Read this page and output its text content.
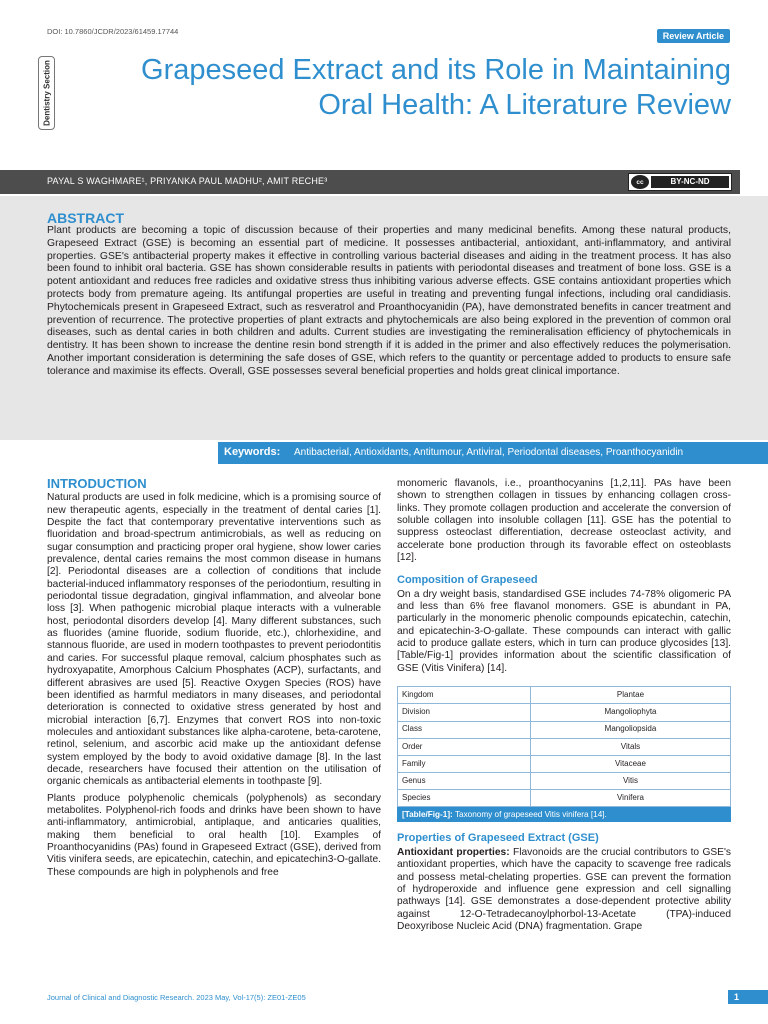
DOI: 10.7860/JCDR/2023/61459.17744	Review Article
Dentistry Section	Grapeseed Extract and its Role in Maintaining
Oral Health: A Literature Review
PAYAL S WAGHMARE¹, PRIYANKA PAUL MADHU², AMIT RECHE³	cc	BY-NC-ND
ABSTRACT
Plant products are becoming a topic of discussion because of their properties and many medicinal benefits. Among these natural products, Grapeseed Extract (GSE) is becoming an essential part of medicine. It possesses antibacterial, antioxidant, anti-inflammatory, and antiviral properties. GSE's antibacterial property makes it effective in controlling various bacterial diseases and aiding in the treatment process. It has also been found to inhibit oral bacteria. GSE has shown considerable results in patients with periodontal diseases and treatment of bone loss. GSE is a potent antioxidant and reduces free radicles and oxidative stress thus inhibiting various adverse effects. GSE contains antioxidant properties which protects body from premature ageing. Its antifungal properties are useful in treating and preventing fungal infections, including oral candidiasis. Phytochemicals present in Grapeseed Extract, such as resveratrol and Proanthocyanidin (PA), have demonstrated benefits in cancer treatment and prevention of recurrence. The protective properties of plant extracts and phytochemicals are also being explored in the prevention of common oral diseases, such as dental caries in both children and adults. Current studies are investigating the remineralisation efficiency of phytochemicals in dentistry. It has been shown to increase the dentine resin bond strength if it is added in the primer and also effectively reduces the polymerisation. Another important consideration is determining the safe doses of GSE, which refers to the quantity or percentage added to products to ensure safe tolerance and maximise its effects. Overall, GSE possesses several beneficial properties and holds great clinical importance.
Keywords: Antibacterial, Antioxidants, Antitumour, Antiviral, Periodontal diseases, Proanthocyanidin
INTRODUCTION

Natural products are used in folk medicine, which is a promising source of new therapeutic agents, especially in the treatment of dental caries [1]. Despite the fact that contemporary preventative interventions such as fluoridation and broad-spectrum antimicrobials, as well as reducing on sugar consumption and practicing proper oral hygiene, show lower caries prevalence, dental caries remains the most common disease in humans [2]. Periodontal diseases are a collection of conditions that include bacterial-induced inflammatory responses of the periodontium, resulting in periodontal tissue degradation, gingival inflammation, and alveolar bone loss [3]. When pathogenic microbial plaque interacts with a vulnerable host, periodontal disorders develop [4]. Many different substances, such as fluorides (amine fluoride, sodium fluoride, etc.), chlorhexidine, and stannous fluoride, are used in modern toothpastes to prevent periodontitis and caries. For successful plaque removal, calcium phosphates such as hydroxyapatite, Amorphous Calcium Phosphates (ACP), surfactants, and different abrasives are used [5]. Reactive Oxygen Species (ROS) have been identified as harmful mediators in many diseases, and periodontal deterioration is connected to oxidative stress generated by host and microbial interaction [6,7]. Enzymes that convert ROS into non-toxic molecules and antioxidant substances like alpha-carotene, beta-carotene, retinol, selenium, and ascorbic acid make up the antioxidant defense system employed by the body to avoid oxidative damage [8]. In the last decade, researchers have focused their attention on the utilisation of organic chemicals as antibacterial elements in toothpaste [9].

Plants produce polyphenolic chemicals (polyphenols) as secondary metabolites. Polyphenol-rich foods and drinks have been shown to have anti-inflammatory, antimicrobial, antiplaque, and anticaries qualities, making them beneficial to oral health [10]. Examples of Proanthocyanidins (PAs) found in Grapeseed Extract (GSE), derived from Vitis vinifera seeds, are epicatechin, catechin, and epicatechin3-O-gallate. These compounds are high in polyphenols and free

monomeric flavanols, i.e., proanthocyanins [1,2,11]. PAs have been shown to strengthen collagen in tissues by enhancing collagen cross-links. They promote collagen production and accelerate the conversion of soluble collagen into insoluble collagen [11]. GSE has the potential to suppress osteoclast differentiation, decrease osteoclast activity, and accelerate bone production through its favorable effect on osteoblasts [12].

Composition of Grapeseed

On a dry weight basis, standardised GSE includes 74-78% oligomeric PA and less than 6% free flavanol monomers. GSE is abundant in PA, particularly in the monomeric phenolic compounds epicatechin, catechin, and epicatechin-3-O-gallate. These compounds can interact with gallic acid to produce gallate esters, which in turn can produce glycosides [13]. [Table/Fig-1] provides information about the scientific classification of GSE (Vitis Vinifera) [14].

Kingdom	Plantae
Division	Mangoliophyta
Class	Mangoliopsida
Order	Vitals
Family	Vitaceae
Genus	Vitis
Species	Vinifera
[Table/Fig-1]: Taxonomy of grapeseed Vitis vinifera [14].
Properties of Grapeseed Extract (GSE)

Antioxidant properties: Flavonoids are the crucial contributors to GSE's antioxidant properties, which have the capacity to scavenge free radicals and possess metal-chelating properties. GSE can prevent the formation of hydroperoxide and influence gene expression and cell signalling pathways [14]. GSE demonstrates a dose-dependent protective ability against 12-O-Tetradecanoylphorbol-13-Acetate (TPA)-induced Deoxyribose Nucleic Acid (DNA) fragmentation. Grape

Journal of Clinical and Diagnostic Research. 2023 May, Vol-17(5): ZE01-ZE05	1
